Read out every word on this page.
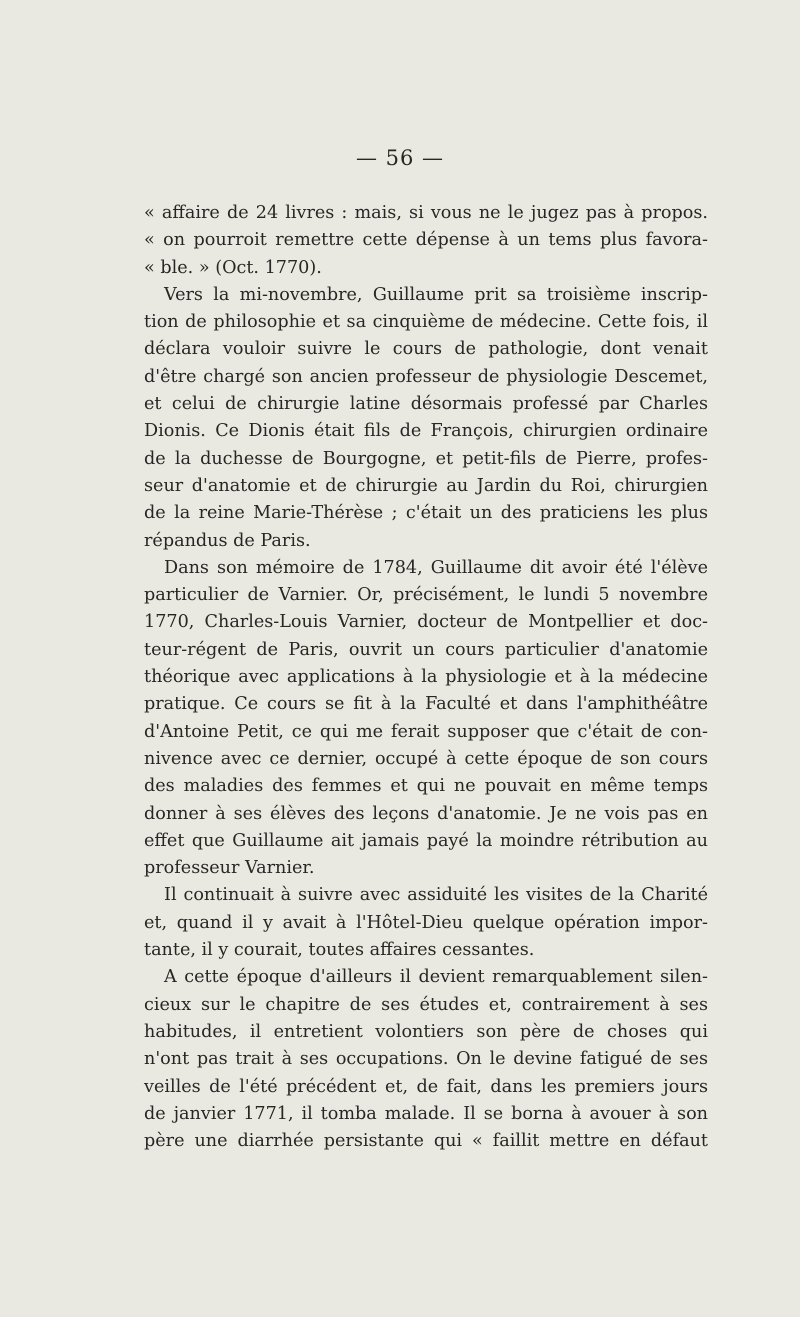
— 56 —
« affaire de 24 livres : mais, si vous ne le jugez pas à propos.
« on pourroit remettre cette dépense à un tems plus favora-
« ble. » (Oct. 1770).
Vers la mi-novembre, Guillaume prit sa troisième inscrip-
tion de philosophie et sa cinquième de médecine. Cette fois, il
déclara vouloir suivre le cours de pathologie, dont venait
d'être chargé son ancien professeur de physiologie Descemet,
et celui de chirurgie latine désormais professé par Charles
Dionis. Ce Dionis était fils de François, chirurgien ordinaire
de la duchesse de Bourgogne, et petit-fils de Pierre, profes-
seur d'anatomie et de chirurgie au Jardin du Roi, chirurgien
de la reine Marie-Thérèse ; c'était un des praticiens les plus
répandus de Paris.
Dans son mémoire de 1784, Guillaume dit avoir été l'élève
particulier de Varnier. Or, précisément, le lundi 5 novembre
1770, Charles-Louis Varnier, docteur de Montpellier et doc-
teur-régent de Paris, ouvrit un cours particulier d'anatomie
théorique avec applications à la physiologie et à la médecine
pratique. Ce cours se fit à la Faculté et dans l'amphithéâtre
d'Antoine Petit, ce qui me ferait supposer que c'était de con-
nivence avec ce dernier, occupé à cette époque de son cours
des maladies des femmes et qui ne pouvait en même temps
donner à ses élèves des leçons d'anatomie. Je ne vois pas en
effet que Guillaume ait jamais payé la moindre rétribution au
professeur Varnier.
Il continuait à suivre avec assiduité les visites de la Charité
et, quand il y avait à l'Hôtel-Dieu quelque opération impor-
tante, il y courait, toutes affaires cessantes.
A cette époque d'ailleurs il devient remarquablement silen-
cieux sur le chapitre de ses études et, contrairement à ses
habitudes, il entretient volontiers son père de choses qui
n'ont pas trait à ses occupations. On le devine fatigué de ses
veilles de l'été précédent et, de fait, dans les premiers jours
de janvier 1771, il tomba malade. Il se borna à avouer à son
père une diarrhée persistante qui « faillit mettre en défaut
